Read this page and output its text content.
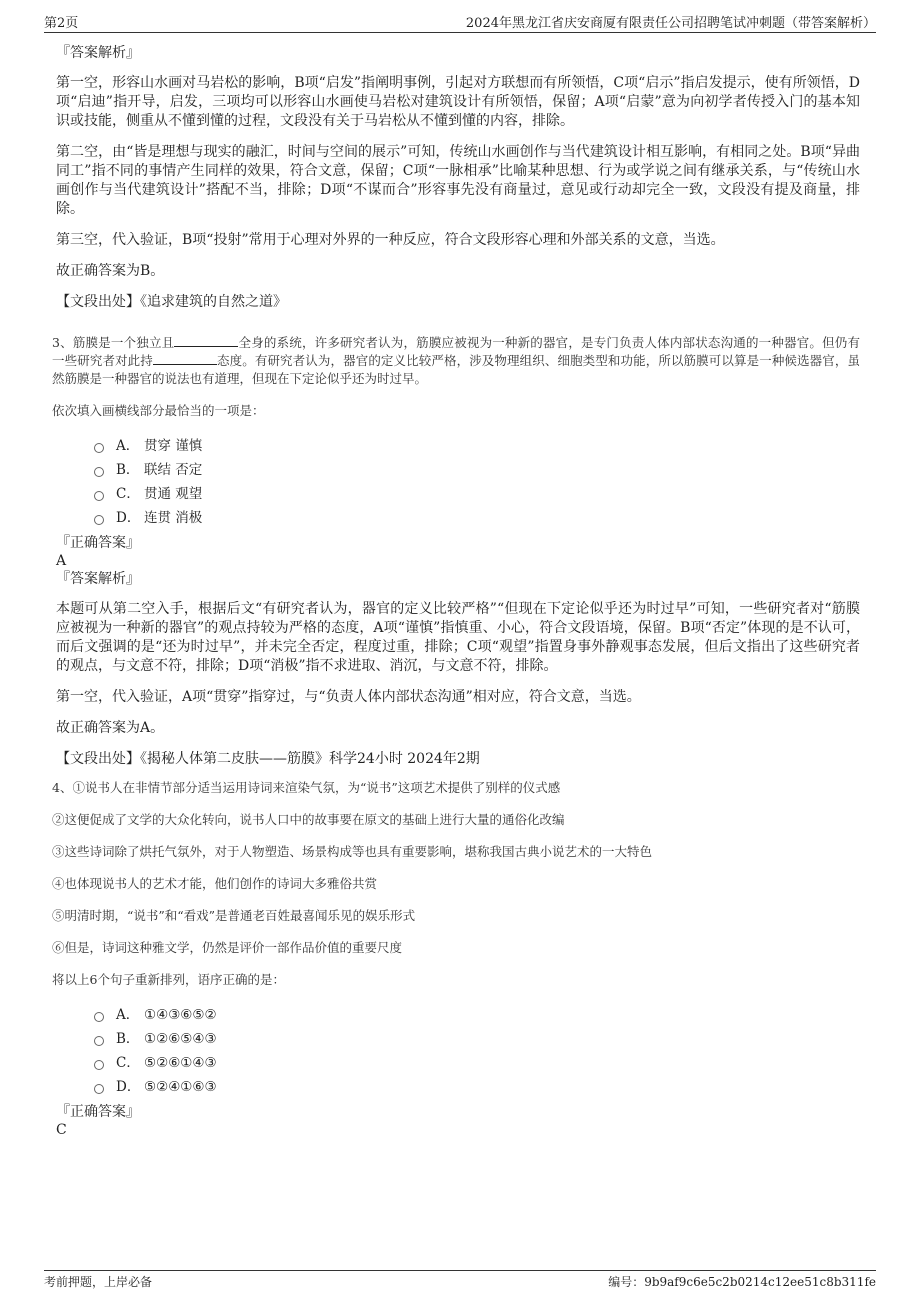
第2页	2024年黑龙江省庆安商厦有限责任公司招聘笔试冲刺题（带答案解析）

『答案解析』

第一空，形容山水画对马岩松的影响，B项“启发”指阐明事例，引起对方联想而有所领悟，C项“启示”指启发提示，使有所领悟，D项“启迪”指开导，启发，三项均可以形容山水画使马岩松对建筑设计有所领悟，保留；A项“启蒙”意为向初学者传授入门的基本知识或技能，侧重从不懂到懂的过程，文段没有关于马岩松从不懂到懂的内容，排除。

第二空，由“皆是理想与现实的融汇，时间与空间的展示”可知，传统山水画创作与当代建筑设计相互影响，有相同之处。B项“异曲同工”指不同的事情产生同样的效果，符合文意，保留；C项“一脉相承”比喻某种思想、行为或学说之间有继承关系，与“传统山水画创作与当代建筑设计”搭配不当，排除；D项“不谋而合”形容事先没有商量过，意见或行动却完全一致，文段没有提及商量，排除。

第三空，代入验证，B项“投射”常用于心理对外界的一种反应，符合文段形容心理和外部关系的文意，当选。

故正确答案为B。

【文段出处】《追求建筑的自然之道》

3、筋膜是一个独立且	全身的系统，许多研究者认为，筋膜应被视为一种新的器官，是专门负责人体内部状态沟通的一种器官。但仍有一些研究者对此持	态度。有研究者认为，器官的定义比较严格，涉及物理组织、细胞类型和功能，所以筋膜可以算是一种候选器官，虽然筋膜是一种器官的说法也有道理，但现在下定论似乎还为时过早。

依次填入画横线部分最恰当的一项是：

A． 贯穿 谨慎
B． 联结 否定
C． 贯通 观望
D． 连贯 消极

『正确答案』

A

『答案解析』

本题可从第二空入手，根据后文“有研究者认为，器官的定义比较严格”“但现在下定论似乎还为时过早”可知，一些研究者对“筋膜应被视为一种新的器官”的观点持较为严格的态度，A项“谨慎”指慎重、小心，符合文段语境，保留。B项“否定”体现的是不认可，而后文强调的是“还为时过早”，并未完全否定，程度过重，排除；C项“观望”指置身事外静观事态发展，但后文指出了这些研究者的观点，与文意不符，排除；D项“消极”指不求进取、消沉，与文意不符，排除。

第一空，代入验证，A项“贯穿”指穿过，与“负责人体内部状态沟通”相对应，符合文意，当选。

故正确答案为A。

【文段出处】《揭秘人体第二皮肤——筋膜》科学24小时 2024年2期

4、①说书人在非情节部分适当运用诗词来渲染气氛，为“说书”这项艺术提供了别样的仪式感

②这便促成了文学的大众化转向，说书人口中的故事要在原文的基础上进行大量的通俗化改编

③这些诗词除了烘托气氛外，对于人物塑造、场景构成等也具有重要影响，堪称我国古典小说艺术的一大特色

④也体现说书人的艺术才能，他们创作的诗词大多雅俗共赏

⑤明清时期，“说书”和“看戏”是普通老百姓最喜闻乐见的娱乐形式

⑥但是，诗词这种雅文学，仍然是评价一部作品价值的重要尺度

将以上6个句子重新排列，语序正确的是：

A． ①④③⑥⑤②
B． ①②⑥⑤④③
C． ⑤②⑥①④③
D． ⑤②④①⑥③

『正确答案』

C

考前押题，上岸必备	编号：9b9af9c6e5c2b0214c12ee51c8b311fe
